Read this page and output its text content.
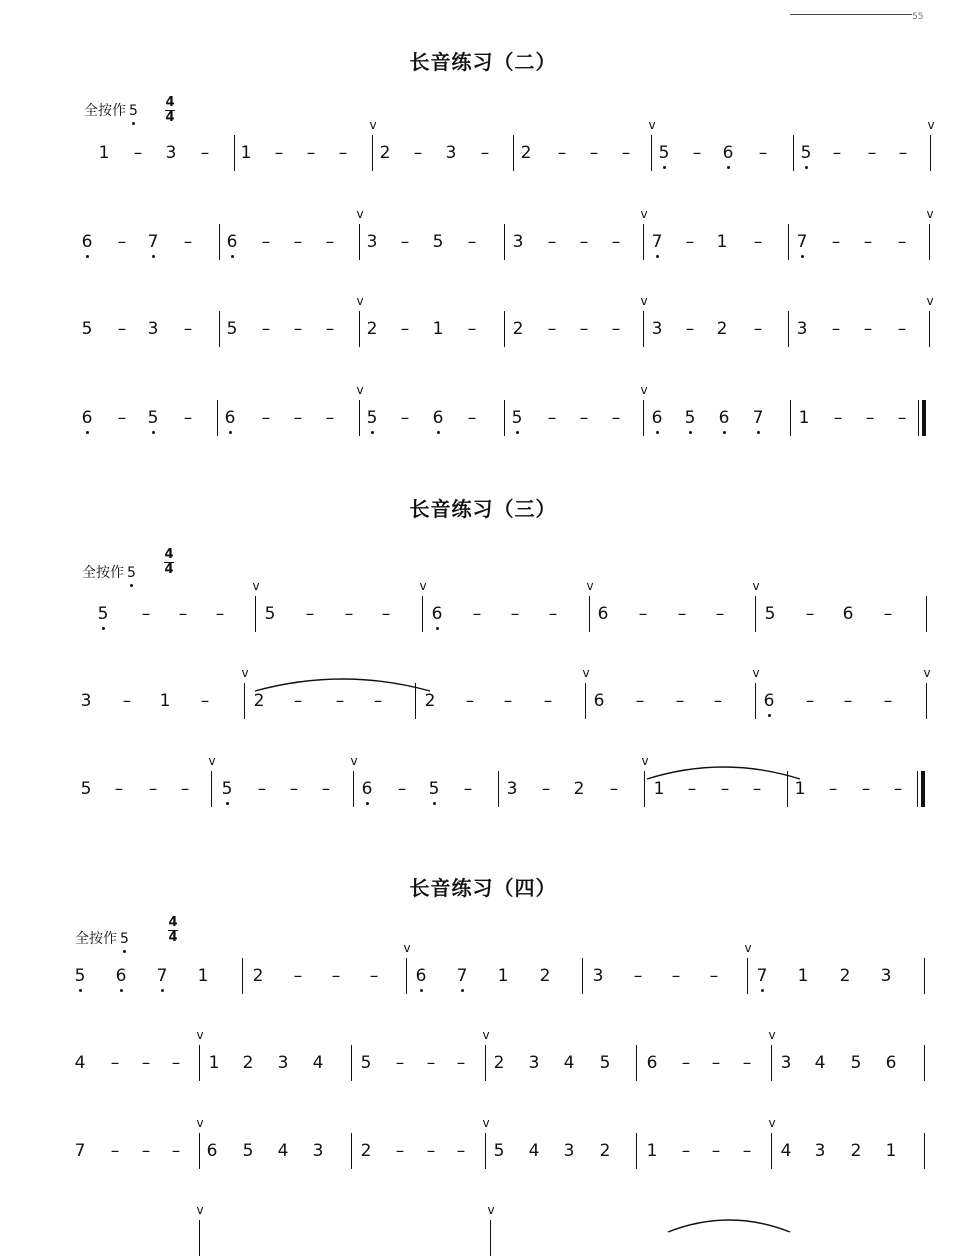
55
长音练习（二）
全按作 5
4
4
1 – 3 – 1 – – –
v
2 – 3 – 2 – – –
v
5 – 6 – 5 – – –
v
6 – 7 – 6 – – –
v
3 – 5 – 3 – – –
v
7 – 1 – 7 – – –
v
5 – 3 – 5 – – –
v
2 – 1 – 2 – – –
v
3 – 2 – 3 – – –
v
6 – 5 – 6 – – –
v
5 – 6 – 5 – – –
v
6 5 6 7 1 – – –
长音练习（三）
全按作 5
4
4
5 – – –
v
5 – – –
v
6 – – –
v
6 – – –
v
5 – 6 –
3 – 1 –
v
2 – – – 2 – – –
v
6 – – –
v
6 – – –
v
5 – – –
v
5 – – –
v
6 – 5 – 3 – 2 –
v
1 – – – 1 – – –
长音练习（四）
全按作 5
4
4
5 6 7 1	2 – – –
v
6 7 1 2 3 – – –
v
7 1 2 3
4 – – –
v
1 2 3 4 5 – – –
v
2 3 4 5 6 – – –
v
3 4 5 6
7 – – –
v
6 5 4 3 2 – – –
v
5 4 3 2 1 – – –
v
4 3 2 1
v	v
